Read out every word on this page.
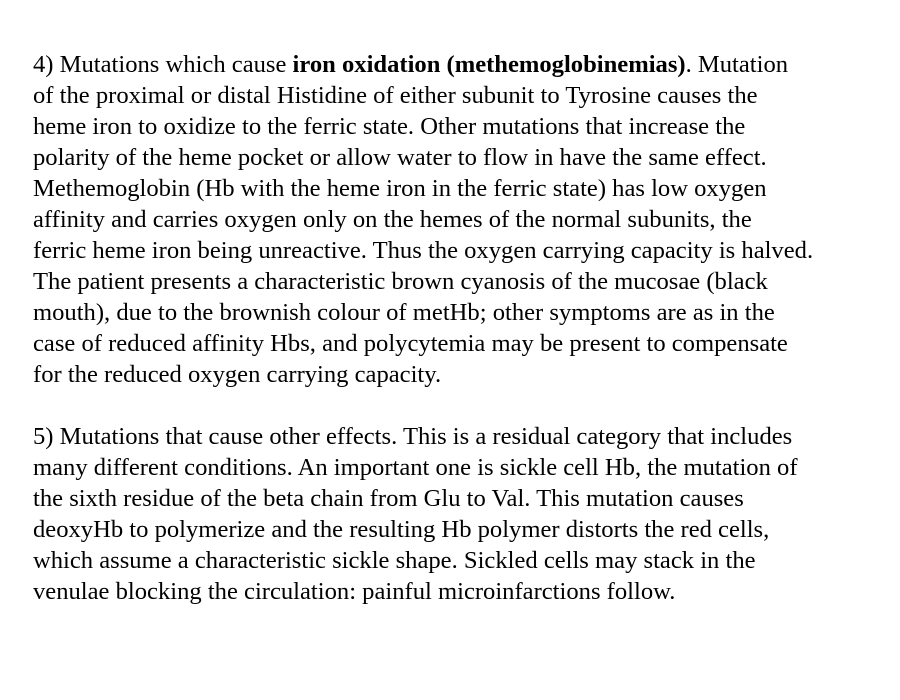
4) Mutations which cause iron oxidation (methemoglobinemias). Mutation
of the proximal or distal Histidine of either subunit to Tyrosine causes the
heme iron to oxidize to the ferric state. Other mutations that increase the
polarity of the heme pocket or allow water to flow in have the same effect.
Methemoglobin (Hb with the heme iron in the ferric state) has low oxygen
affinity and carries oxygen only on the hemes of the normal subunits, the
ferric heme iron being unreactive. Thus the oxygen carrying capacity is halved.
The patient presents a characteristic brown cyanosis of the mucosae (black
mouth), due to the brownish colour of metHb; other symptoms are as in the
case of reduced affinity Hbs, and polycytemia may be present to compensate
for the reduced oxygen carrying capacity.

5) Mutations that cause other effects. This is a residual category that includes
many different conditions. An important one is sickle cell Hb, the mutation of
the sixth residue of the beta chain from Glu to Val. This mutation causes
deoxyHb to polymerize and the resulting Hb polymer distorts the red cells,
which assume a characteristic sickle shape. Sickled cells may stack in the
venulae blocking the circulation: painful microinfarctions follow.
